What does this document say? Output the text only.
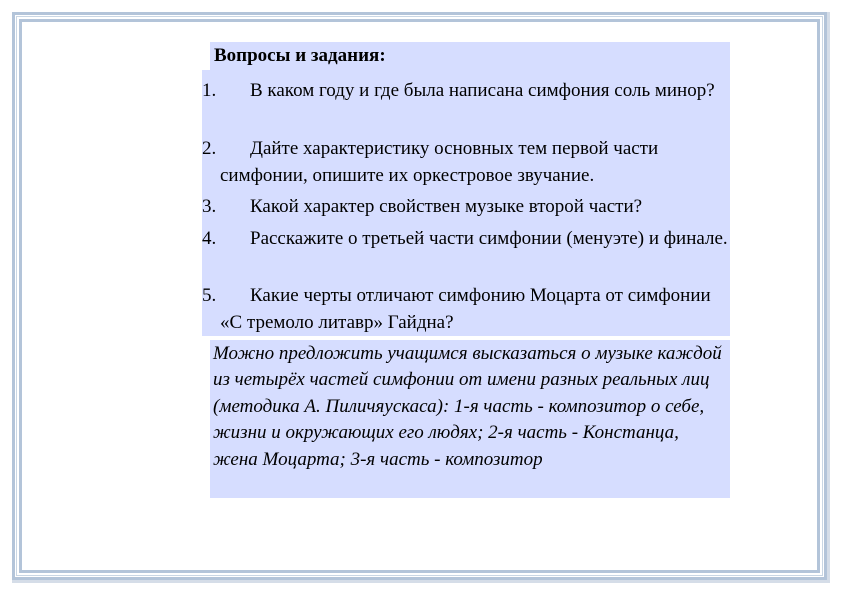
Вопросы и задания:
1.	В каком году и где была написана симфония соль минор?
2.	Дайте характеристику основных тем первой части симфонии, опишите их оркестровое звучание.
3.	Какой характер свойствен музыке второй части?
4.	Расскажите о третьей части симфонии (менуэте) и финале.
5.	Какие черты отличают симфонию Моцарта от симфонии «С тремоло литавр» Гайдна?
Можно предложить учащимся высказаться о музыке каждой из четырёх частей симфонии от имени разных реальных лиц (методика А. Пиличяускаса): 1-я часть - композитор о себе, жизни и окружающих его людях; 2-я часть - Констанца, жена Моцарта; 3-я часть - композитор
